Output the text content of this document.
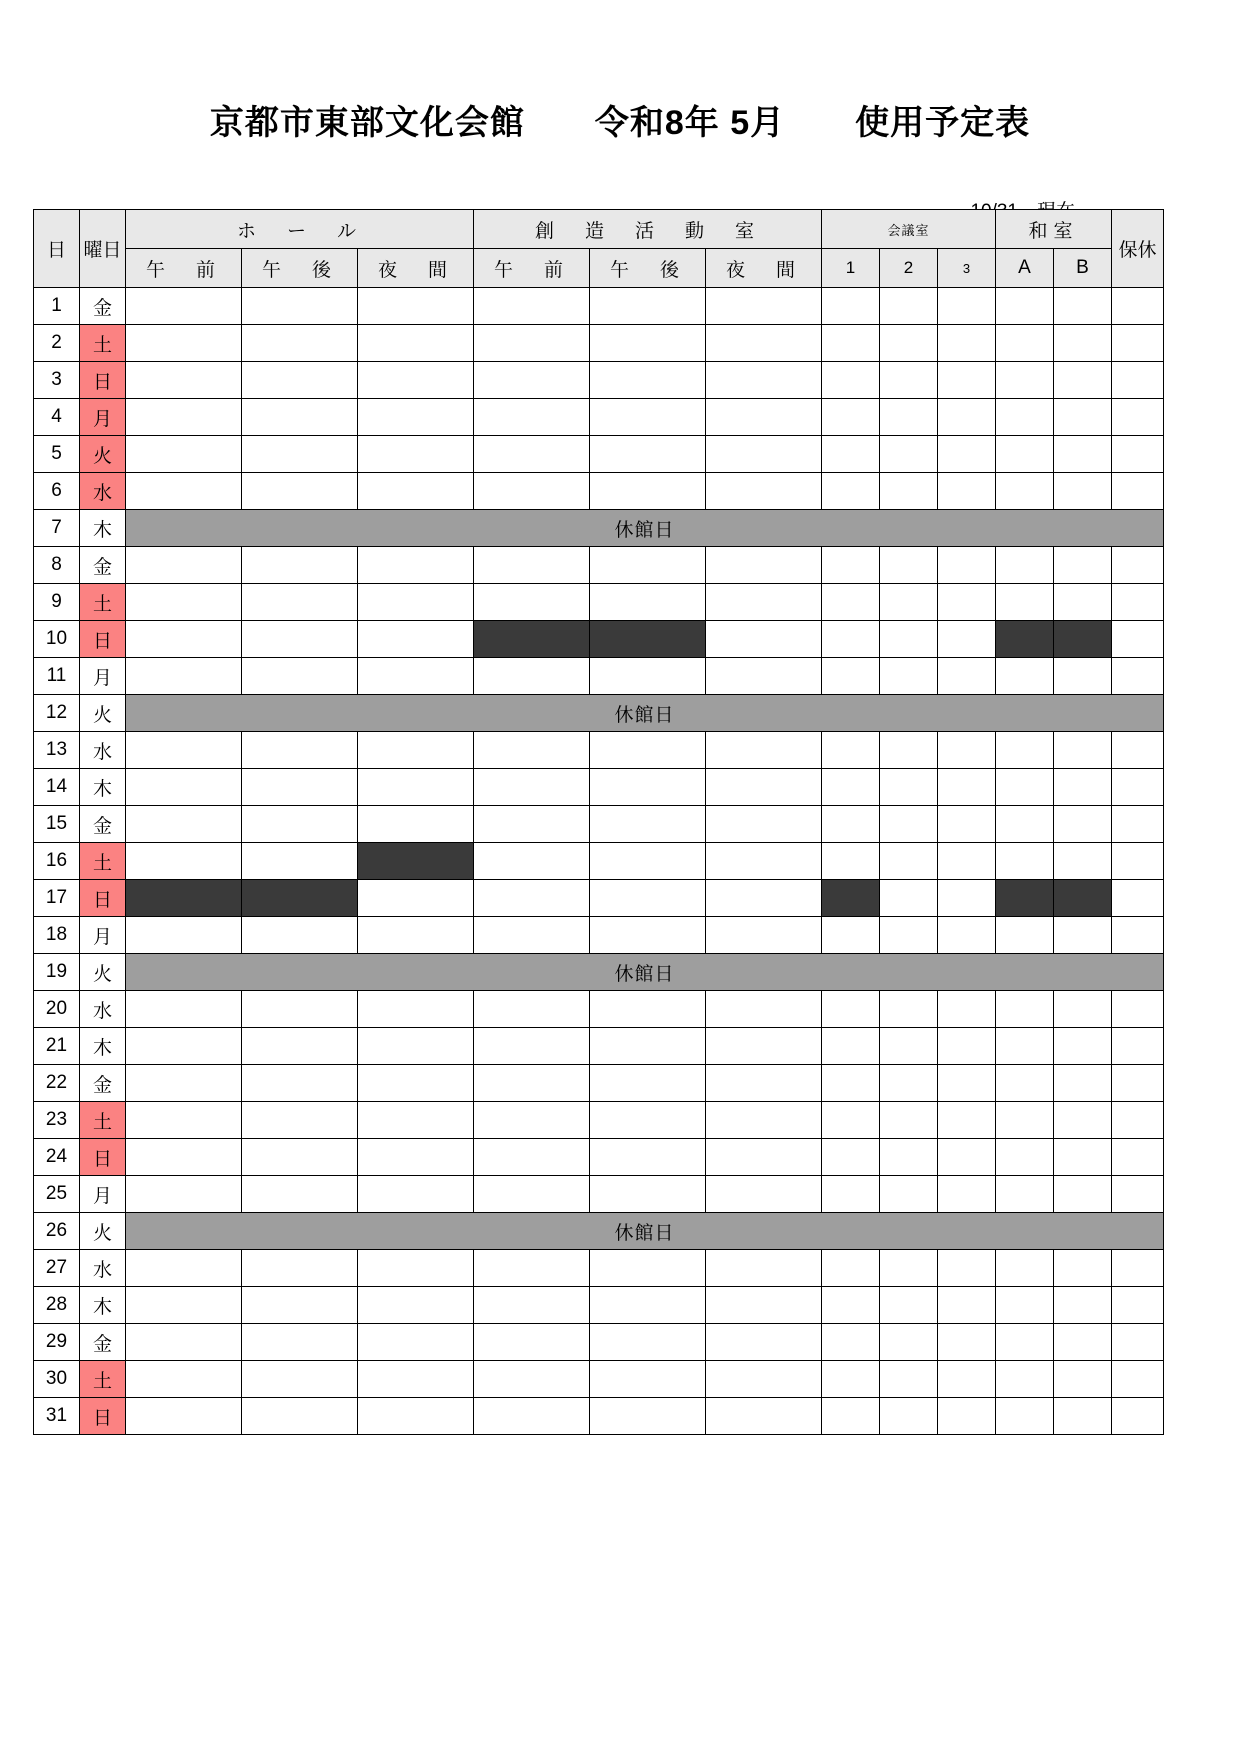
京都市東部文化会館　　令和8年 5月　　使用予定表
日	曜日	ホ　ー　ル			創　造　活　動　室			会議室			和室		保休
		午　前	午　後	夜　間	午　前	午　後	夜　間	1	2	3	A	B	
1	金												
2	土												
3	日												
4	月												
5	火												
6	水												
7	木	休館日											
8	金												
9	土												
10	日												
11	月												
12	火	休館日											
13	水												
14	木												
15	金												
16	土												
17	日												
18	月												
19	火	休館日											
20	水												
21	木												
22	金												
23	土												
24	日												
25	月												
26	火	休館日											
27	水												
28	木												
29	金												
30	土												
31	日												
